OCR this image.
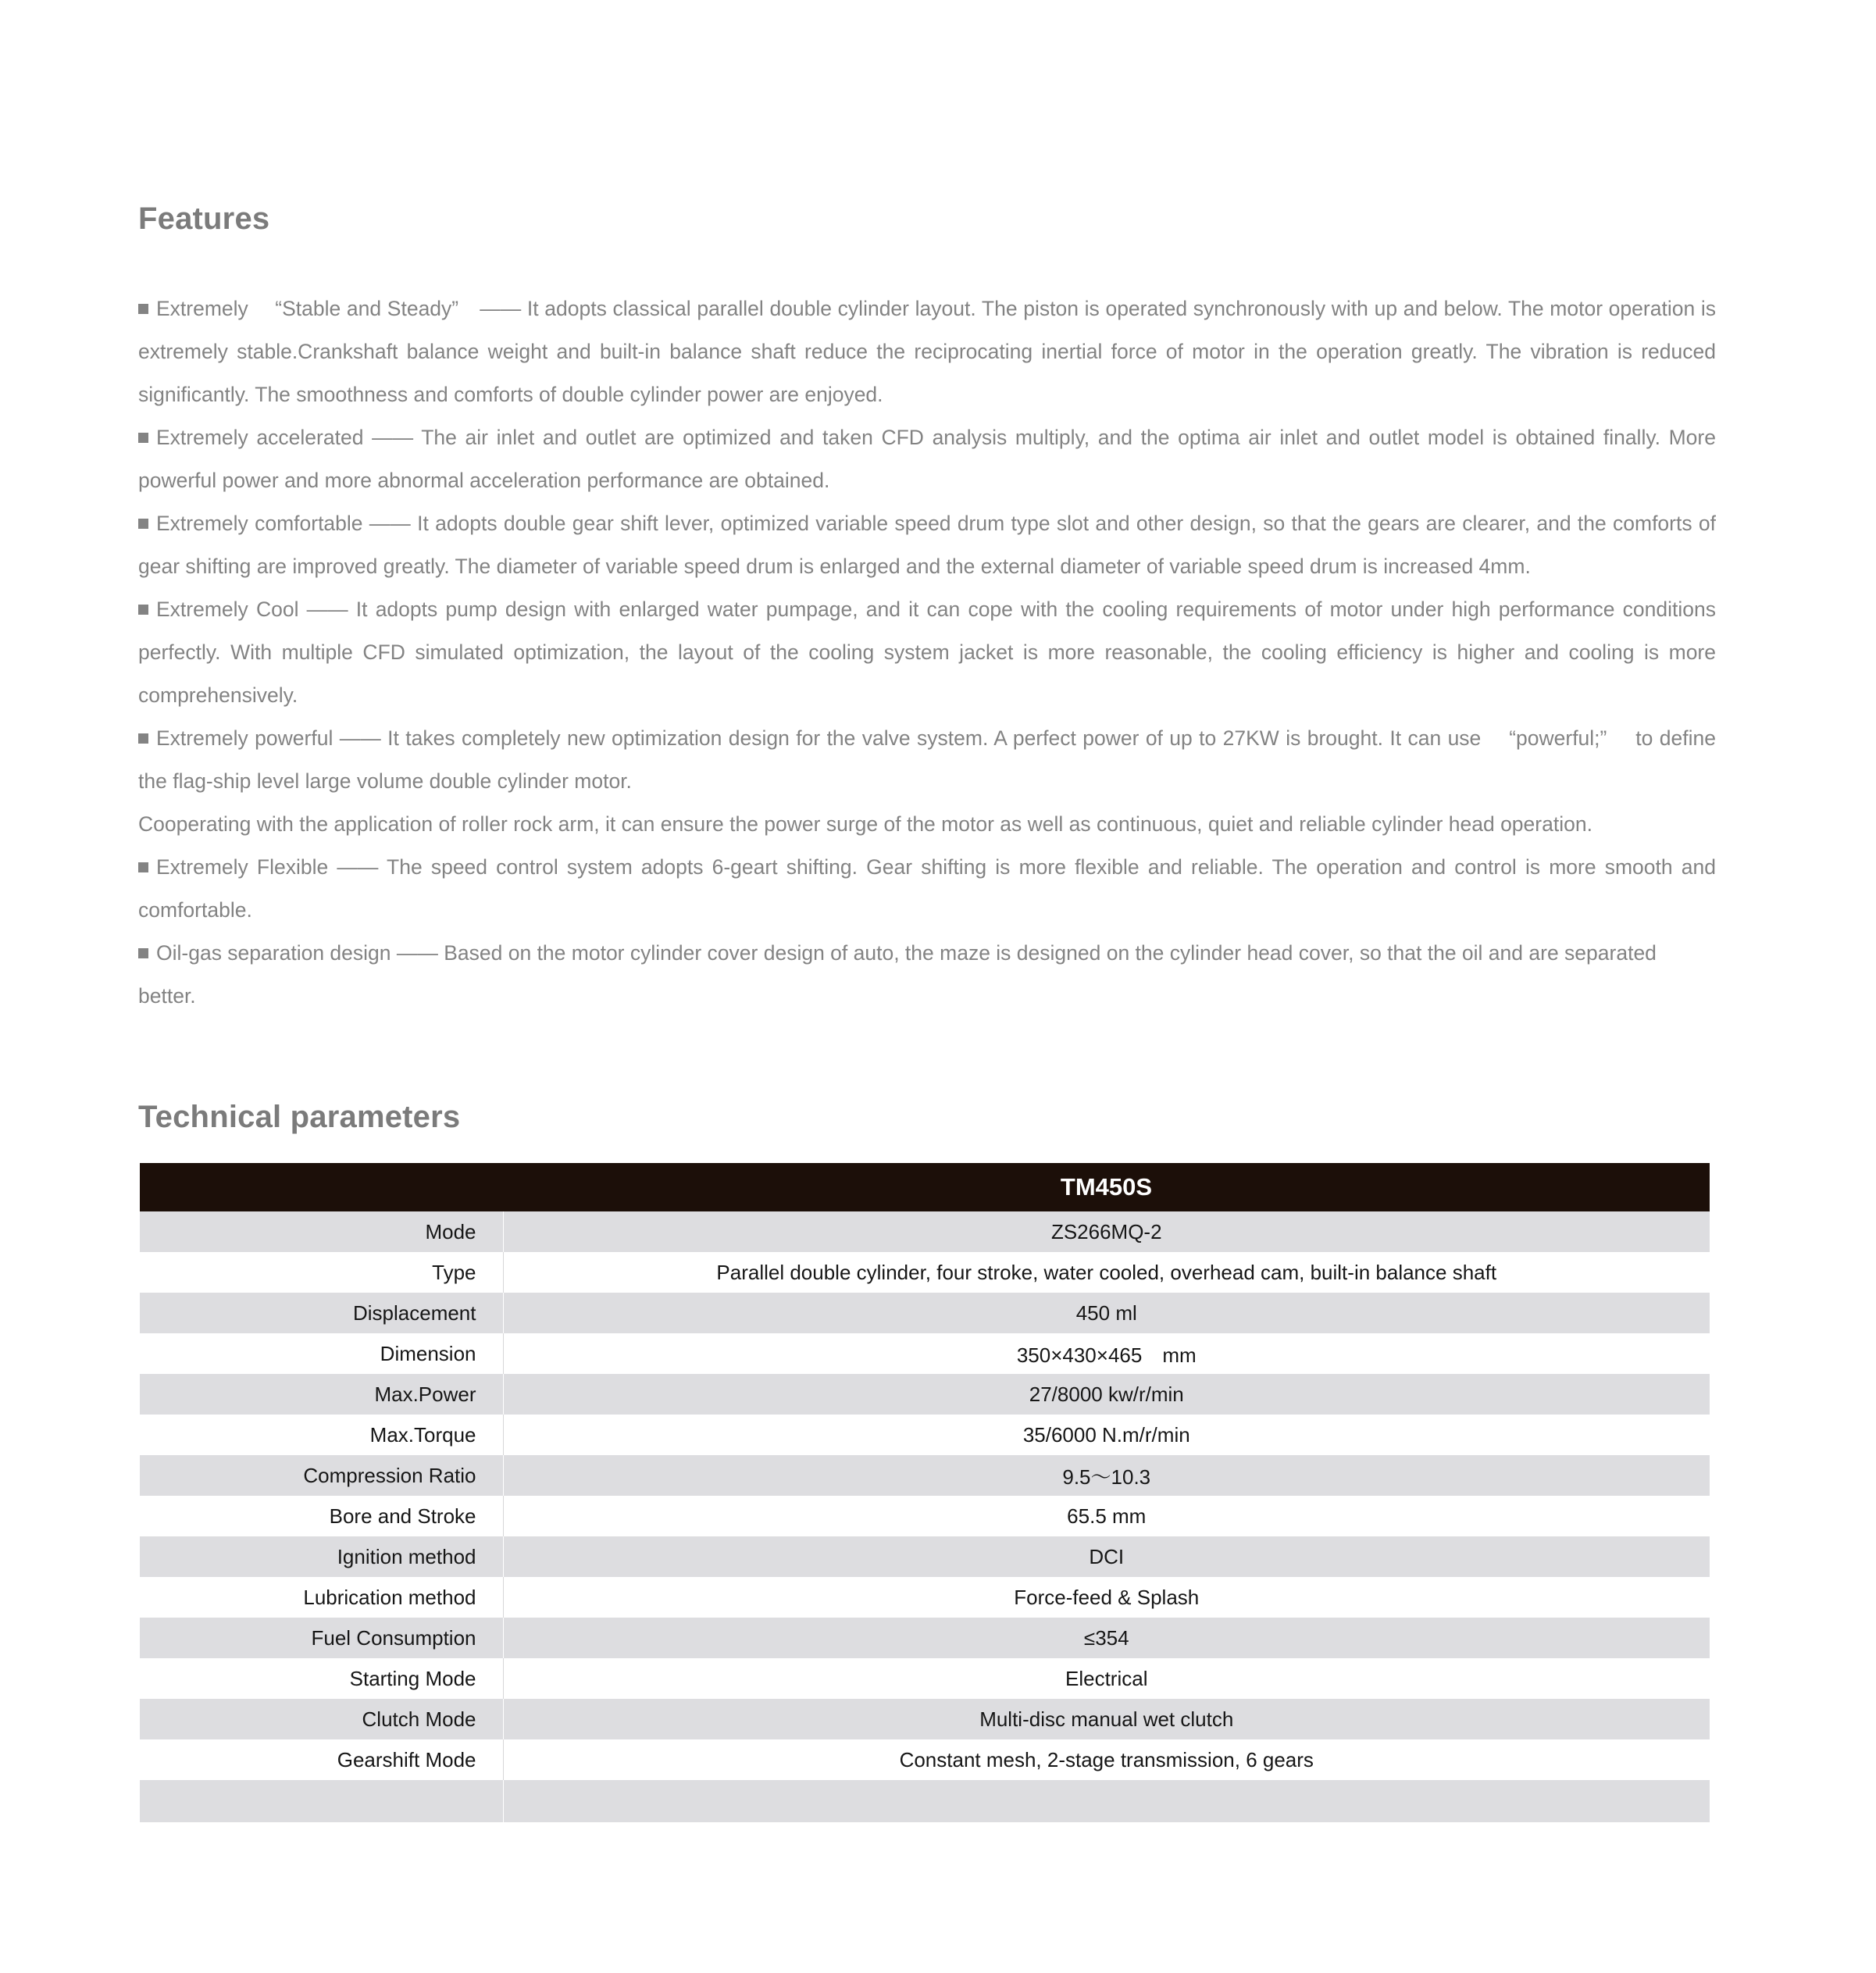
Features

Extremely 　“Stable and Steady”　—— It adopts classical parallel double cylinder layout. The piston is operated synchronously with up and below. The motor operation is extremely stable.Crankshaft balance weight and built-in balance shaft reduce the reciprocating inertial force of motor in the operation greatly. The vibration is reduced significantly. The smoothness and comforts of double cylinder power are enjoyed.

Extremely accelerated —— The air inlet and outlet are optimized and taken CFD analysis multiply, and the optima air inlet and outlet model is obtained finally. More powerful power and more abnormal acceleration performance are obtained.

Extremely comfortable —— It adopts double gear shift lever, optimized variable speed drum type slot and other design, so that the gears are clearer, and the comforts of gear shifting are improved greatly. The diameter of variable speed drum is enlarged and the external diameter of variable speed drum is increased 4mm.

Extremely Cool —— It adopts pump design with enlarged water pumpage, and it can cope with the cooling requirements of motor under high performance conditions perfectly. With multiple CFD simulated optimization, the layout of the cooling system jacket is more reasonable, the cooling efficiency is higher and cooling is more comprehensively.

Extremely powerful —— It takes completely new optimization design for the valve system. A perfect power of up to 27KW is brought. It can use 　“powerful;”　 to define the flag-ship level large volume double cylinder motor.

Cooperating with the application of roller rock arm, it can ensure the power surge of the motor as well as continuous, quiet and reliable cylinder head operation.

Extremely Flexible —— The speed control system adopts 6-geart shifting. Gear shifting is more flexible and reliable. The operation and control is more smooth and comfortable.

Oil-gas separation design —— Based on the motor cylinder cover design of auto, the maze is designed on the cylinder head cover, so that the oil and are separated better.

Technical parameters
	TM450S
Mode	ZS266MQ-2
Type	Parallel double cylinder, four stroke, water cooled, overhead cam, built-in balance shaft
Displacement	450 ml
Dimension	350×430×465　mm
Max.Power	27/8000 kw/r/min
Max.Torque	35/6000 N.m/r/min
Compression Ratio	9.5～10.3
Bore and Stroke	65.5 mm
Ignition method	DCI
Lubrication method	Force-feed & Splash
Fuel Consumption	≤354
Starting Mode	Electrical
Clutch Mode	Multi-disc manual wet clutch
Gearshift Mode	Constant mesh, 2-stage transmission, 6 gears
